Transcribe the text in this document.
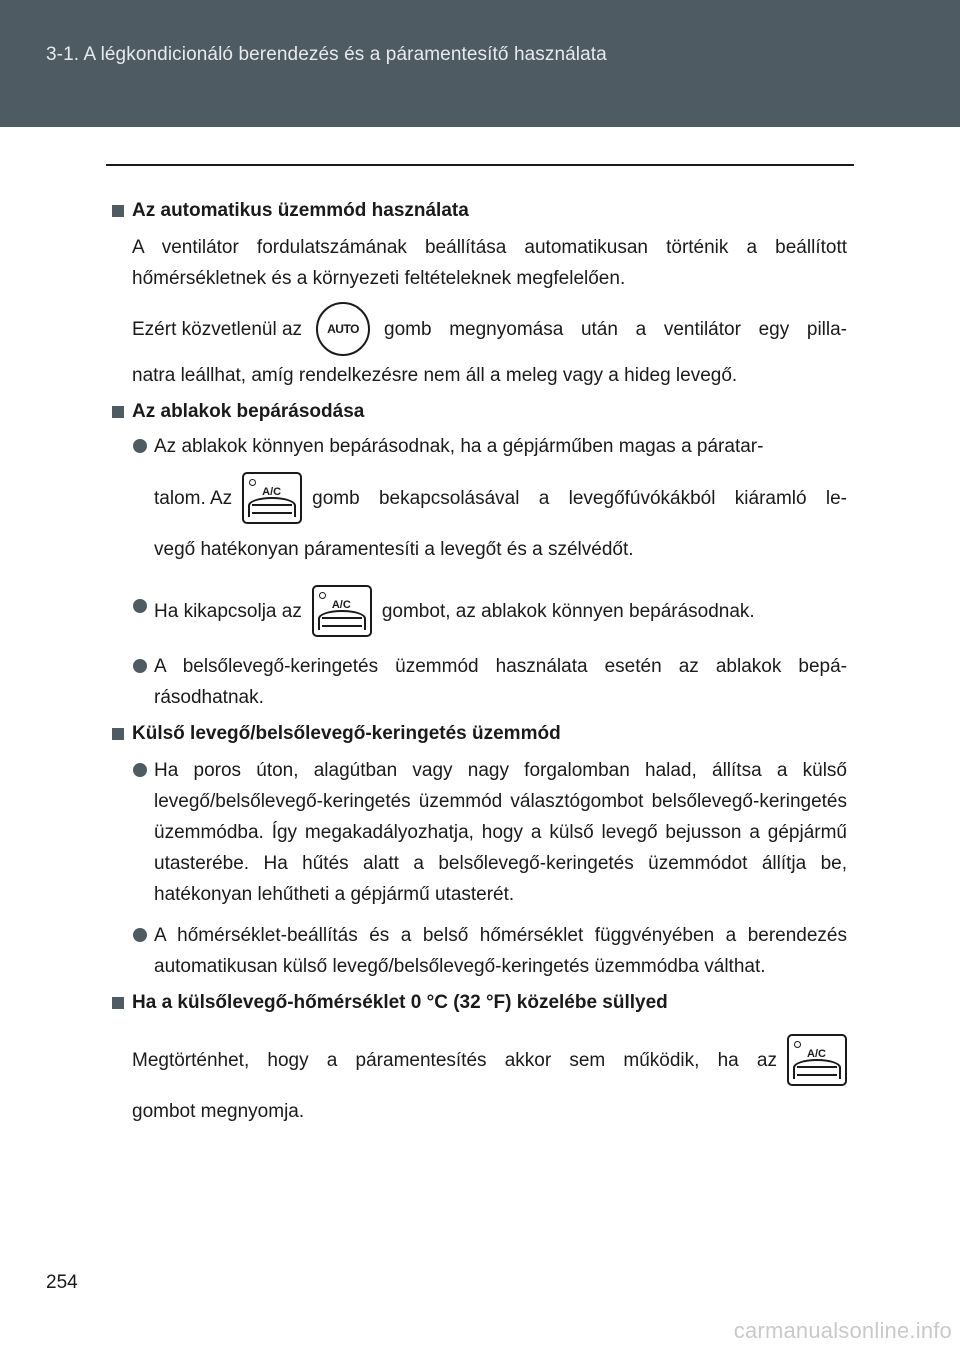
3-1. A légkondicionáló berendezés és a páramentesítő használata
Az automatikus üzemmód használata
A ventilátor fordulatszámának beállítása automatikusan történik a beállított hőmérsékletnek és a környezeti feltételeknek megfelelően.
Ezért közvetlenül az AUTO gomb megnyomása után a ventilátor egy pilla-
natra leállhat, amíg rendelkezésre nem áll a meleg vagy a hideg levegő.
Az ablakok bepárásodása
Az ablakok könnyen bepárásodnak, ha a gépjárműben magas a páratar-
talom. Az	A/C gomb bekapcsolásával a levegőfúvókákból kiáramló le-
vegő hatékonyan páramentesíti a levegőt és a szélvédőt.
Ha kikapcsolja az	A/C gombot, az ablakok könnyen bepárásodnak.
A belsőlevegő-keringetés üzemmód használata esetén az ablakok bepárásodhatnak.
Külső levegő/belsőlevegő-keringetés üzemmód
Ha poros úton, alagútban vagy nagy forgalomban halad, állítsa a külső levegő/belsőlevegő-keringetés üzemmód választógombot belsőlevegő-keringetés üzemmódba. Így megakadályozhatja, hogy a külső levegő bejusson a gépjármű utasterébe. Ha hűtés alatt a belsőlevegő-keringetés üzemmódot állítja be, hatékonyan lehűtheti a gépjármű utasterét.
A hőmérséklet-beállítás és a belső hőmérséklet függvényében a berendezés automatikusan külső levegő/belsőlevegő-keringetés üzemmódba válthat.
Ha a külsőlevegő-hőmérséklet 0 °C (32 °F) közelébe süllyed
Megtörténhet, hogy a páramentesítés akkor sem működik, ha az	A/C
gombot megnyomja.
254
carmanualsonline.info
